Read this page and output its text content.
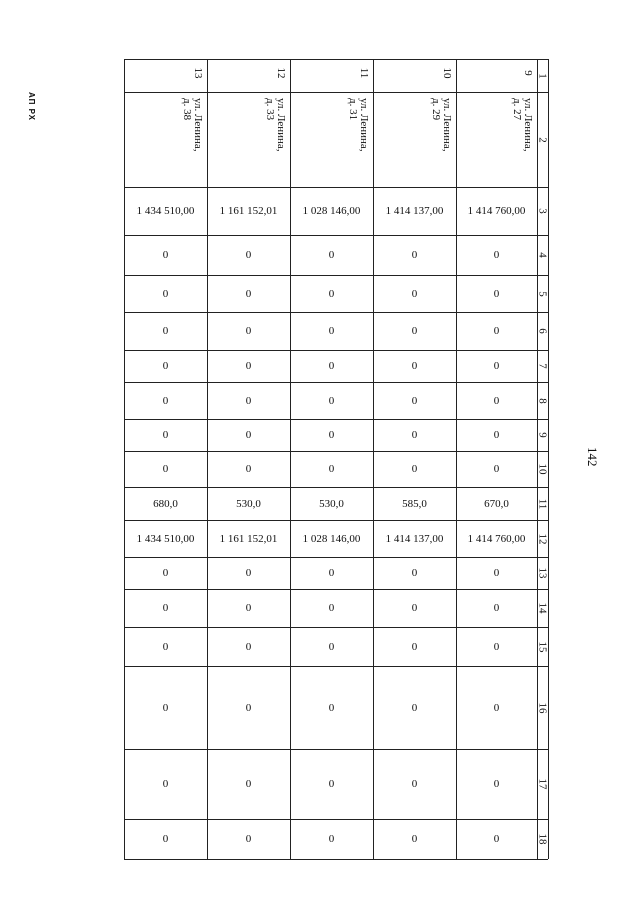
АП РХ
142
9
ул. Ленина,
д. 27
1 414 760,00
0
0
0
0
0
0
0
670,0
1 414 760,00
0
0
0
0
0
0
10
ул. Ленина,
д. 29
1 414 137,00
0
0
0
0
0
0
0
585,0
1 414 137,00
0
0
0
0
0
0
11
ул. Ленина,
д. 31
1 028 146,00
0
0
0
0
0
0
0
530,0
1 028 146,00
0
0
0
0
0
0
12
ул. Ленина,
д. 33
1 161 152,01
0
0
0
0
0
0
0
530,0
1 161 152,01
0
0
0
0
0
0
13
ул. Ленина,
д. 38
1 434 510,00
0
0
0
0
0
0
0
680,0
1 434 510,00
0
0
0
0
0
0
1
2
3
4
5
6
7
8
9
10
11
12
13
14
15
16
17
18
